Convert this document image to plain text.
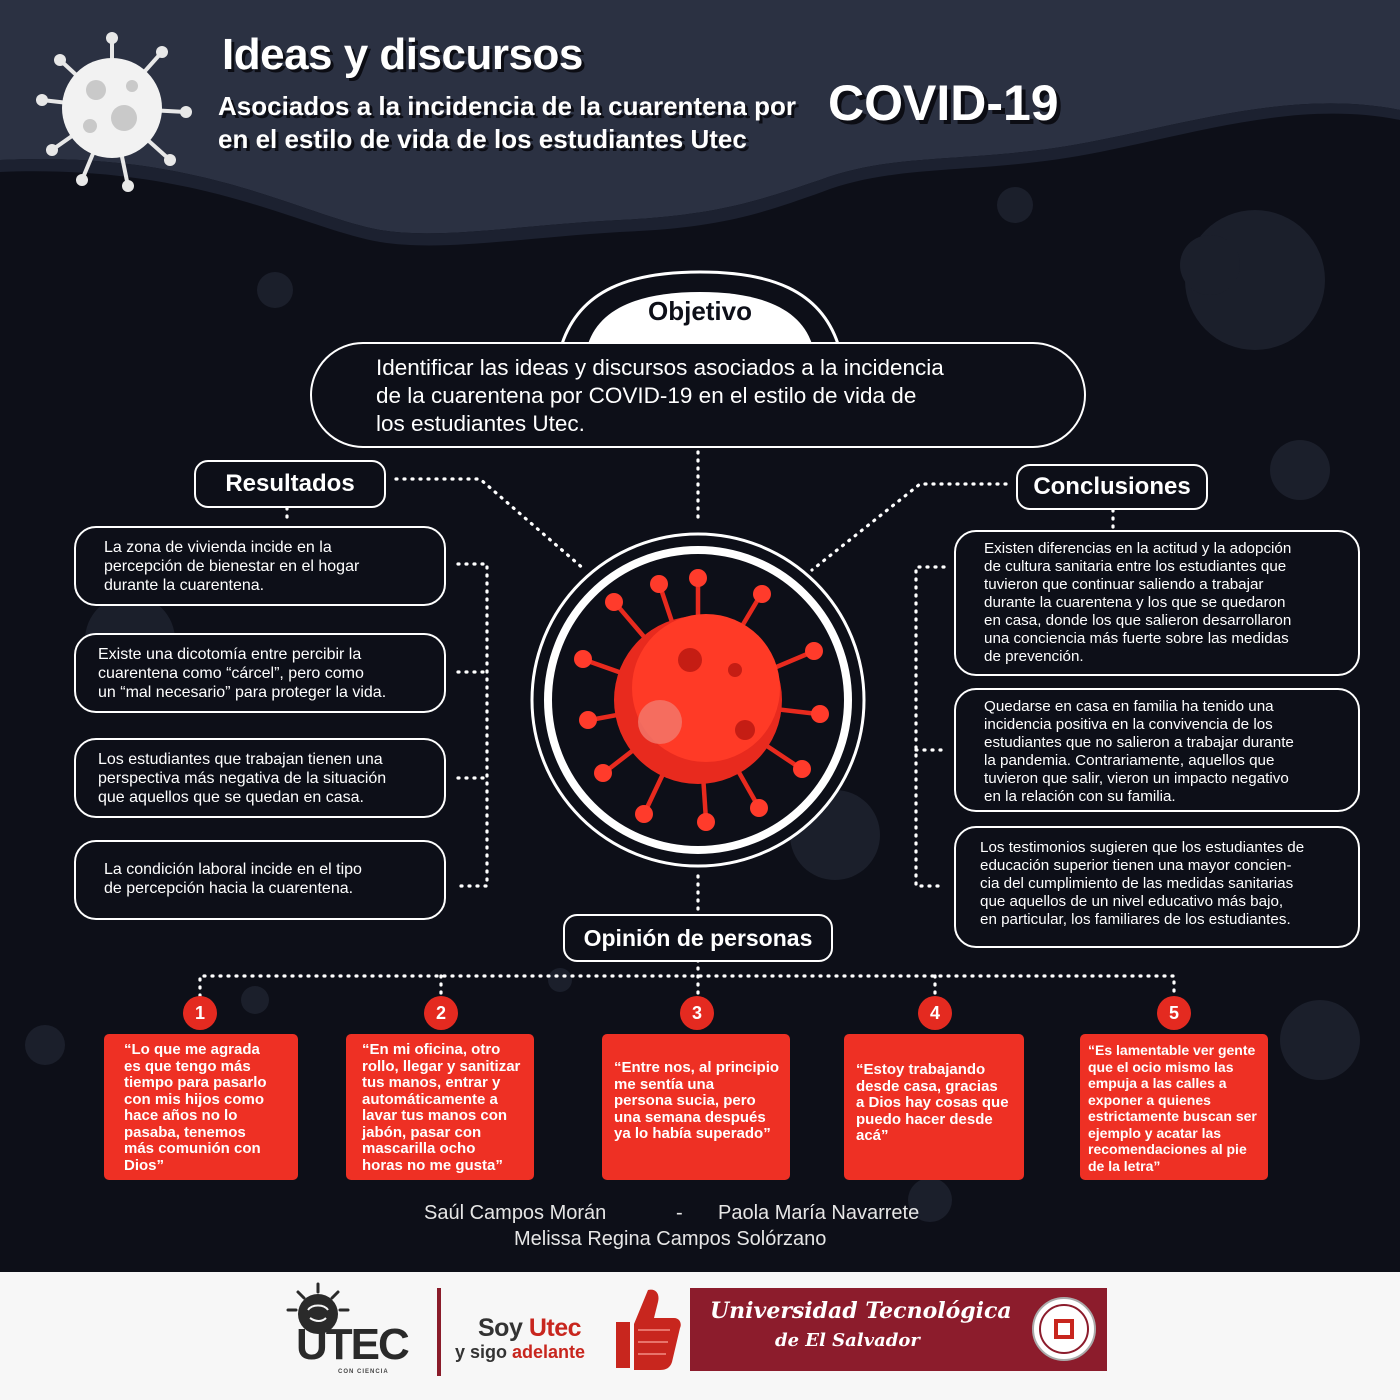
Ideas y discursos
Asociados a la incidencia de la cuarentena por
en el estilo de vida de los estudiantes Utec
COVID-19
Objetivo
Identificar las ideas y discursos asociados a la incidencia
de la cuarentena por COVID-19 en el estilo de vida de
los estudiantes Utec.
Resultados
La zona de vivienda incide en la
percepción de bienestar en el hogar
durante la cuarentena.
Existe una dicotomía entre percibir la
cuarentena como “cárcel”, pero como
un “mal necesario” para proteger la vida.
Los estudiantes que trabajan tienen una
perspectiva más negativa de la situación
que aquellos que se quedan en casa.
La condición laboral incide en el tipo
de percepción hacia la cuarentena.
Conclusiones
Existen diferencias en la actitud y la adopción
de cultura sanitaria entre los estudiantes que
tuvieron que continuar saliendo a trabajar
durante la cuarentena y los que se quedaron
en casa, donde los que salieron desarrollaron
una conciencia más fuerte sobre las medidas
de prevención.
Quedarse en casa en familia ha tenido una
incidencia positiva en la convivencia de los
estudiantes que no salieron a trabajar durante
la pandemia. Contrariamente, aquellos que
tuvieron que salir, vieron un impacto negativo
en la relación con su familia.
Los testimonios sugieren que los estudiantes de
educación superior tienen una mayor concien-
cia del cumplimiento de las medidas sanitarias
que aquellos de un nivel educativo más bajo,
en particular, los familiares de los estudiantes.
Opinión de personas
1	2	3	4	5
“Lo que me agrada
es que tengo más
tiempo para pasarlo
con mis hijos como
hace años no lo
pasaba, tenemos
más comunión con
Dios”
“En mi oficina, otro
rollo, llegar y sanitizar
tus manos, entrar y
automáticamente a
lavar tus manos con
jabón, pasar con
mascarilla ocho
horas no me gusta”
“Entre nos, al principio
me sentía una
persona sucia, pero
una semana después
ya lo había superado”
“Estoy trabajando
desde casa, gracias
a Dios hay cosas que
puedo hacer desde
acá”
“Es lamentable ver gente
que el ocio mismo las
empuja a las calles a
exponer a quienes
estrictamente buscan ser
ejemplo y acatar las
recomendaciones al pie
de la letra”
Saúl Campos Morán	- Paola María Navarrete
Melissa Regina Campos Solórzano
UTEC
CON CIENCIA
Soy Utec
y sigo adelante
Universidad Tecnológica
de El Salvador
